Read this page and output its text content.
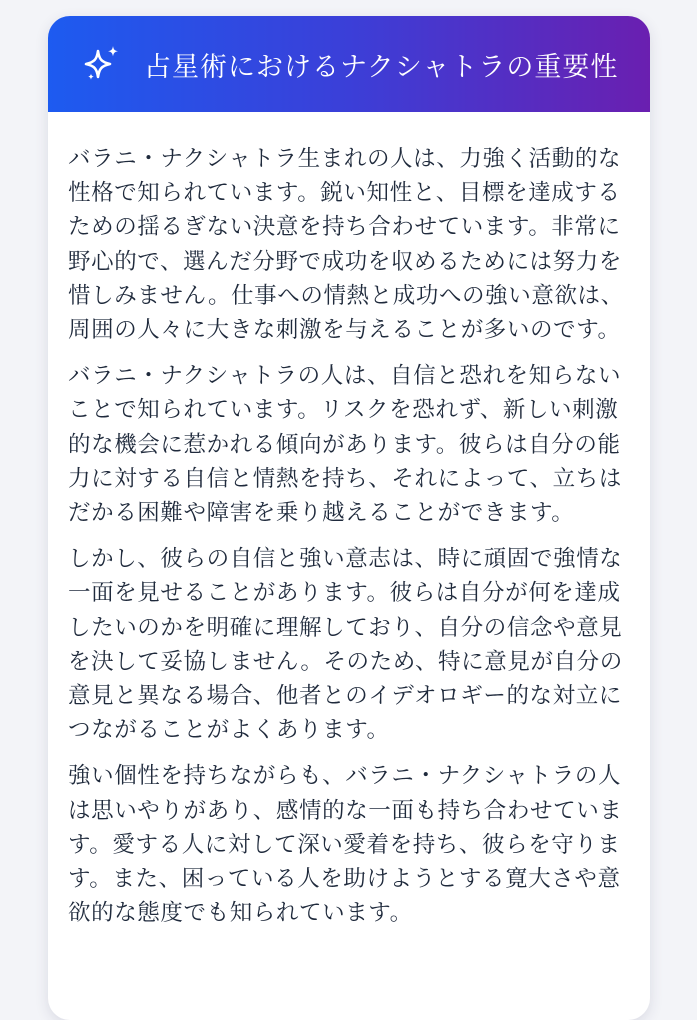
占星術におけるナクシャトラの重要性

バラニ・ナクシャトラ生まれの人は、力強く活動的な性格で知られています。鋭い知性と、目標を達成するための揺るぎない決意を持ち合わせています。非常に野心的で、選んだ分野で成功を収めるためには努力を惜しみません。仕事への情熱と成功への強い意欲は、周囲の人々に大きな刺激を与えることが多いのです。

バラニ・ナクシャトラの人は、自信と恐れを知らないことで知られています。リスクを恐れず、新しい刺激的な機会に惹かれる傾向があります。彼らは自分の能力に対する自信と情熱を持ち、それによって、立ちはだかる困難や障害を乗り越えることができます。

しかし、彼らの自信と強い意志は、時に頑固で強情な一面を見せることがあります。彼らは自分が何を達成したいのかを明確に理解しており、自分の信念や意見を決して妥協しません。そのため、特に意見が自分の意見と異なる場合、他者とのイデオロギー的な対立につながることがよくあります。

強い個性を持ちながらも、バラニ・ナクシャトラの人は思いやりがあり、感情的な一面も持ち合わせています。愛する人に対して深い愛着を持ち、彼らを守ります。また、困っている人を助けようとする寛大さや意欲的な態度でも知られています。
